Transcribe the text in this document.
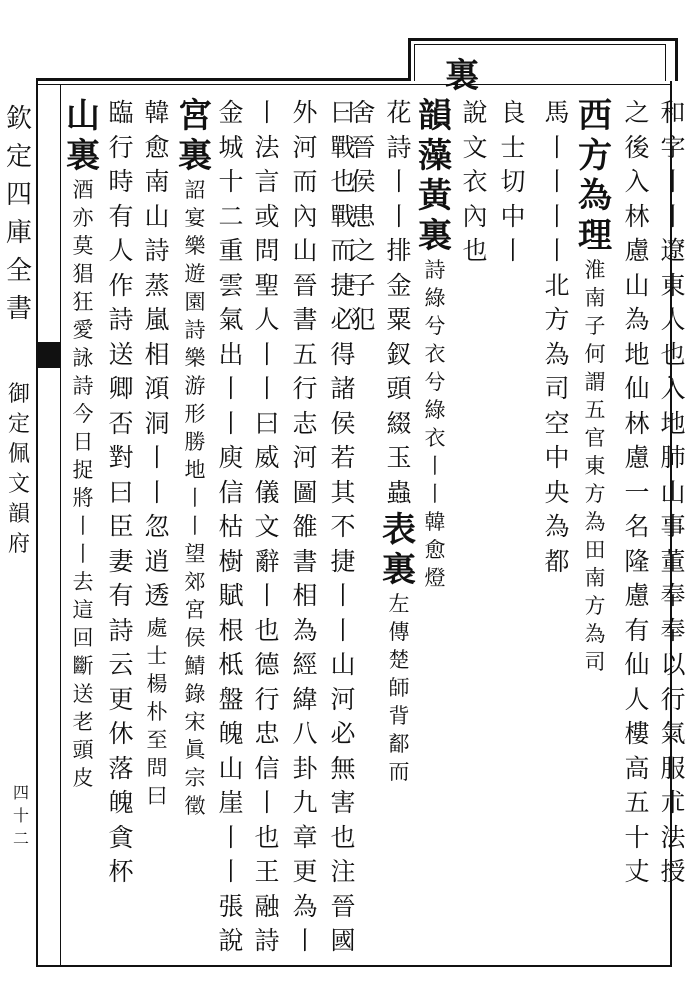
裏
欽
定
四
庫
全
書
御
定
佩
文
韻
府
四十二
和
字
丨
丨
遼
東
人
也
入
地
肺
山
事
董
奉
奉
以
行
氣
服
朮
法
授
之
後
入
林
慮
山
為
地
仙
林
慮
一
名
隆
慮
有
仙
人
樓
高
五
十
丈
西
方
為
理
淮
南
子
何
謂
五
官
東
方
為
田
南
方
為
司
馬
丨
丨
丨
丨
北
方
為
司
空
中
央
為
都
良
士
切
中
丨
說
文
衣
內
也
韻
藻
黃
裏
詩
綠
兮
衣
兮
綠
衣
丨
丨
韓
愈
燈
花
詩
丨
丨
排
金
粟
釵
頭
綴
玉
蟲
表
裏
左
傳
楚
師
背
鄐
而
舍
晉
侯
患
之
子
犯
曰
戰
也
戰
而
捷
必
得
諸
侯
若
其
不
捷
丨
丨
山
河
必
無
害
也
注
晉
國
外
河
而
內
山
晉
書
五
行
志
河
圖
雒
書
相
為
經
緯
八
卦
九
章
更
為
丨
丨
法
言
或
問
聖
人
丨
丨
曰
威
儀
文
辭
丨
也
德
行
忠
信
丨
也
王
融
詩
金
城
十
二
重
雲
氣
出
丨
丨
庾
信
枯
樹
賦
根
柢
盤
魄
山
崖
丨
丨
張
說
宮
裏
詔
宴
樂
遊
園
詩
樂
游
形
勝
地
丨
丨
望
郊
宮
侯
鯖
錄
宋
眞
宗
徵
韓
愈
南
山
詩
蒸
嵐
相
澒
洞
丨
丨
忽
逍
透
處
士
楊
朴
至
問
曰
臨
行
時
有
人
作
詩
送
卿
否
對
曰
臣
妻
有
詩
云
更
休
落
魄
貪
杯
山
裏
酒
亦
莫
猖
狂
愛
詠
詩
今
日
捉
將
丨
丨
去
這
回
斷
送
老
頭
皮
